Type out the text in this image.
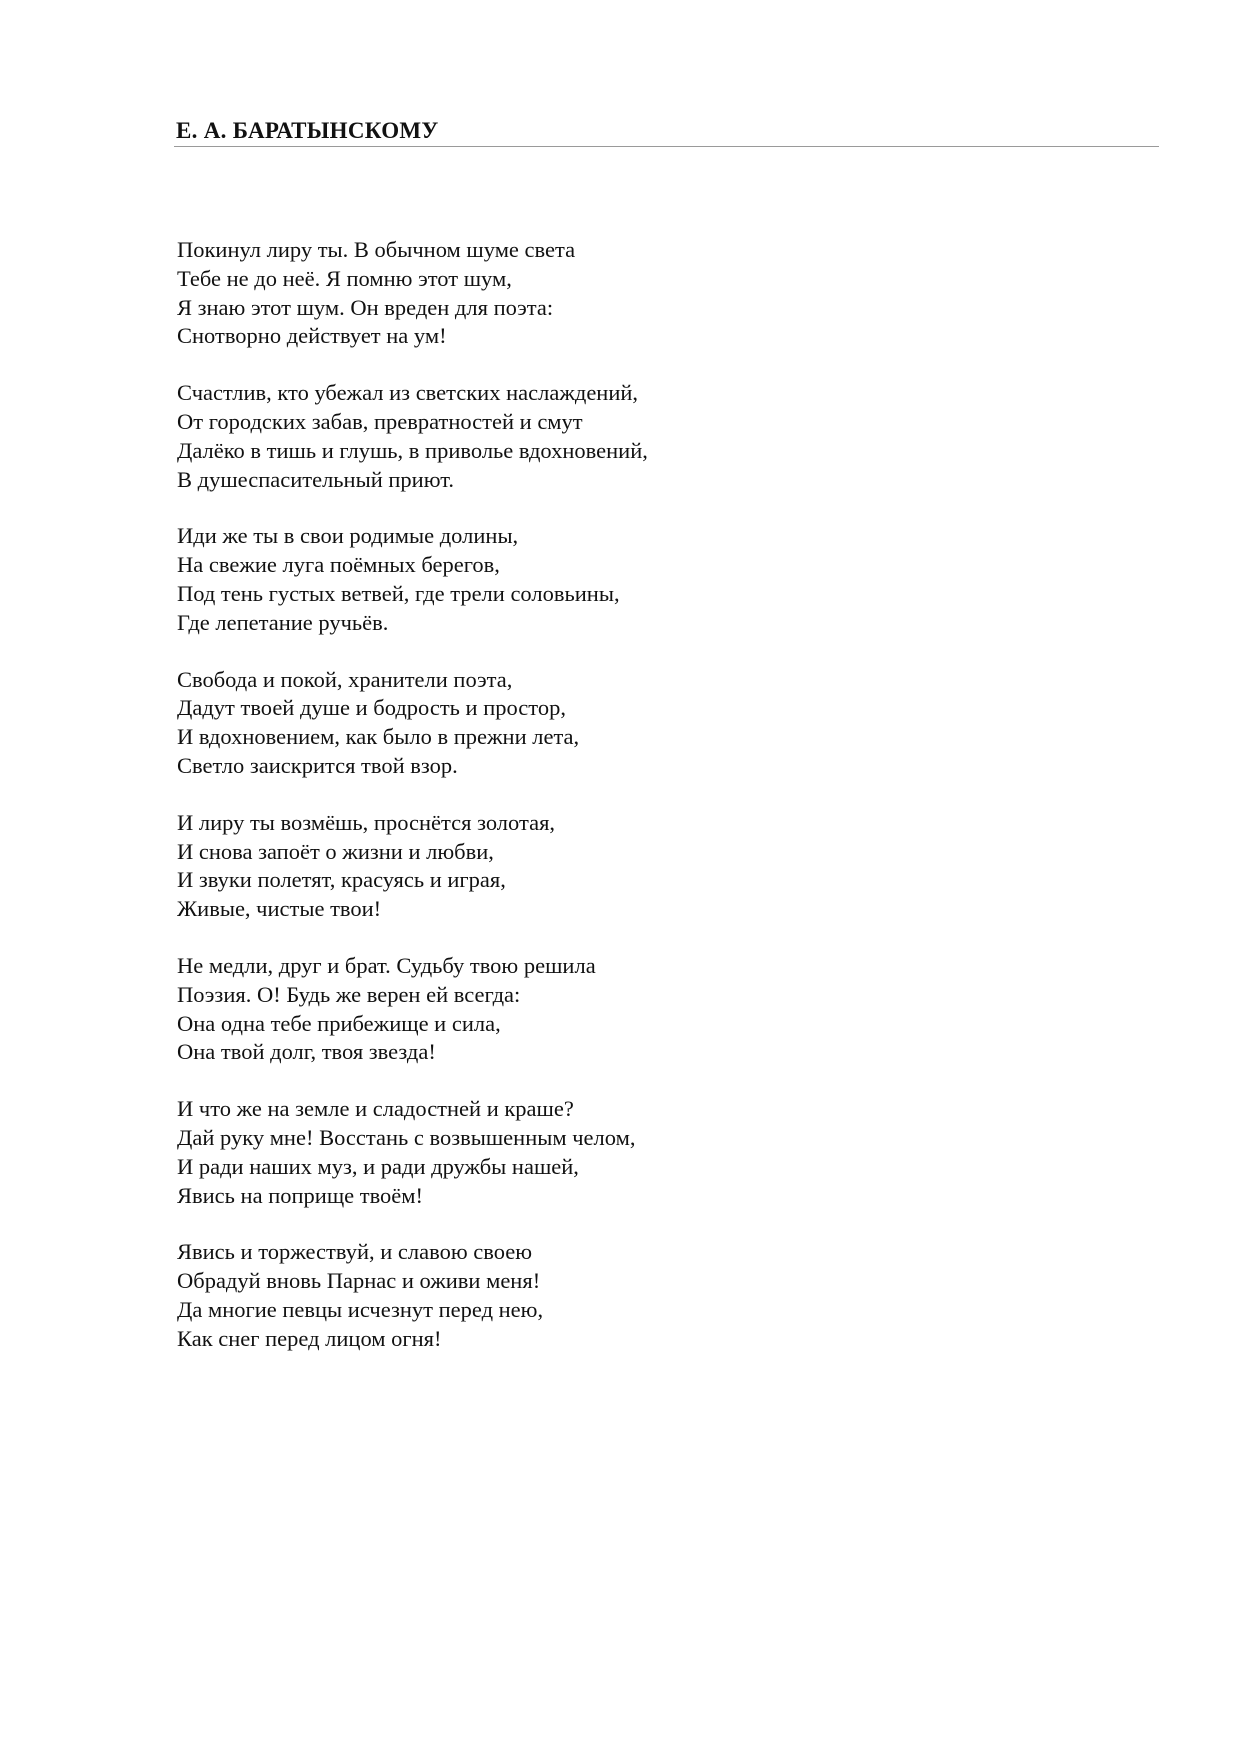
Е. А. БАРАТЫНСКОМУ
Покинул лиру ты. В обычном шуме света
Тебе не до неё. Я помню этот шум,
Я знаю этот шум. Он вреден для поэта:
Снотворно действует на ум!
Счастлив, кто убежал из светских наслаждений,
От городских забав, превратностей и смут
Далёко в тишь и глушь, в приволье вдохновений,
В душеспасительный приют.
Иди же ты в свои родимые долины,
На свежие луга поёмных берегов,
Под тень густых ветвей, где трели соловьины,
Где лепетание ручьёв.
Свобода и покой, хранители поэта,
Дадут твоей душе и бодрость и простор,
И вдохновением, как было в прежни лета,
Светло заискрится твой взор.
И лиру ты возмёшь, проснётся золотая,
И снова запоёт о жизни и любви,
И звуки полетят, красуясь и играя,
Живые, чистые твои!
Не медли, друг и брат. Судьбу твою решила
Поэзия. О! Будь же верен ей всегда:
Она одна тебе прибежище и сила,
Она твой долг, твоя звезда!
И что же на земле и сладостней и краше?
Дай руку мне! Восстань с возвышенным челом,
И ради наших муз, и ради дружбы нашей,
Явись на поприще твоём!
Явись и торжествуй, и славою своею
Обрадуй вновь Парнас и оживи меня!
Да многие певцы исчезнут перед нею,
Как снег перед лицом огня!
